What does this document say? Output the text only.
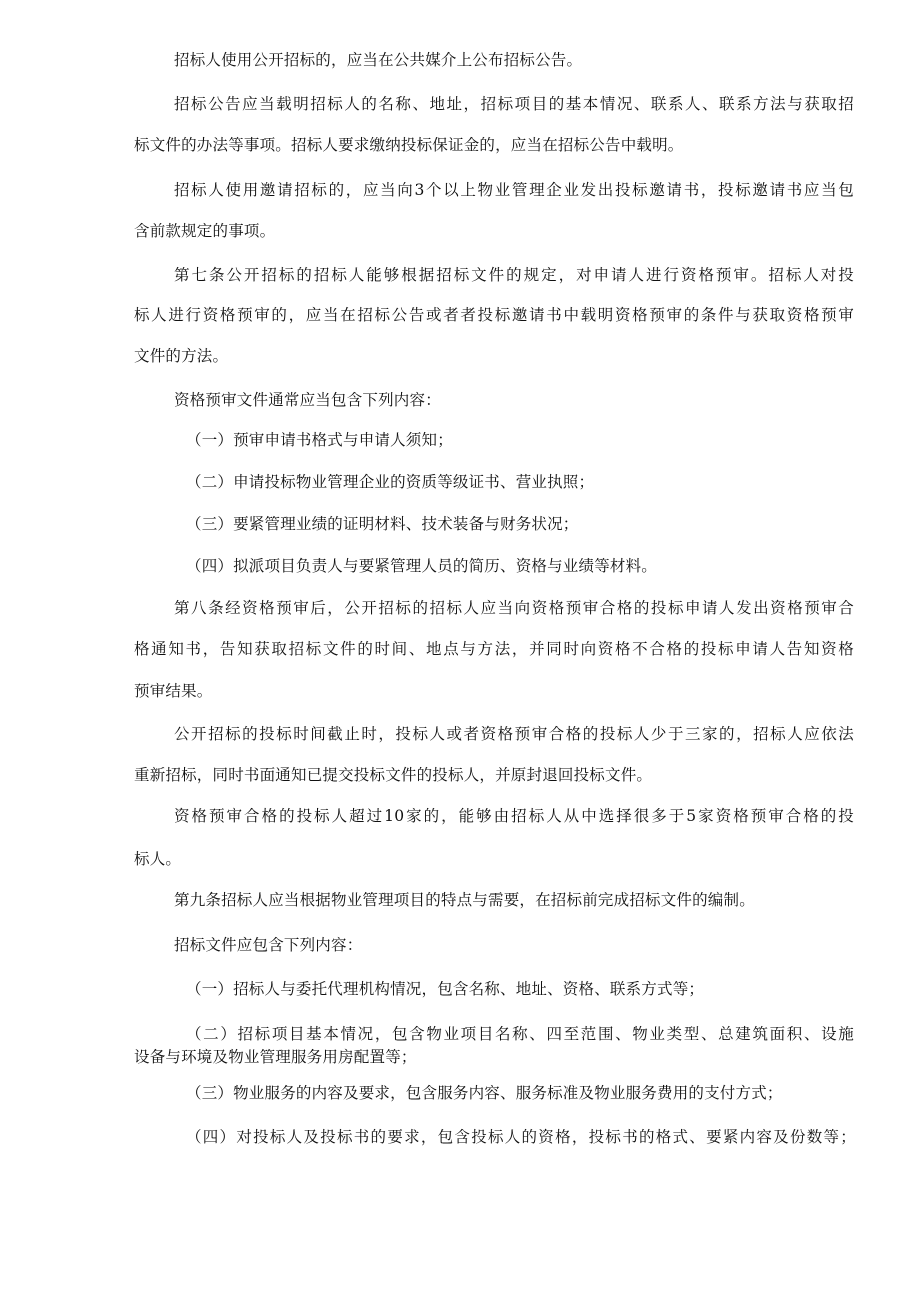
招标人使用公开招标的，应当在公共媒介上公布招标公告。
招标公告应当载明招标人的名称、地址，招标项目的基本情况、联系人、联系方法与获取招
标文件的办法等事项。招标人要求缴纳投标保证金的，应当在招标公告中载明。
招标人使用邀请招标的，应当向3个以上物业管理企业发出投标邀请书，投标邀请书应当包
含前款规定的事项。
第七条公开招标的招标人能够根据招标文件的规定，对申请人进行资格预审。招标人对投
标人进行资格预审的，应当在招标公告或者者投标邀请书中载明资格预审的条件与获取资格预审
文件的方法。
资格预审文件通常应当包含下列内容：
（一）预审申请书格式与申请人须知；
（二）申请投标物业管理企业的资质等级证书、营业执照；
（三）要紧管理业绩的证明材料、技术装备与财务状况；
（四）拟派项目负责人与要紧管理人员的简历、资格与业绩等材料。
第八条经资格预审后，公开招标的招标人应当向资格预审合格的投标申请人发出资格预审合
格通知书，告知获取招标文件的时间、地点与方法，并同时向资格不合格的投标申请人告知资格
预审结果。
公开招标的投标时间截止时，投标人或者资格预审合格的投标人少于三家的，招标人应依法
重新招标，同时书面通知已提交投标文件的投标人，并原封退回投标文件。
资格预审合格的投标人超过10家的，能够由招标人从中选择很多于5家资格预审合格的投
标人。
第九条招标人应当根据物业管理项目的特点与需要，在招标前完成招标文件的编制。
招标文件应包含下列内容：
（一）招标人与委托代理机构情况，包含名称、地址、资格、联系方式等；
（二）招标项目基本情况，包含物业项目名称、四至范围、物业类型、总建筑面积、设施
设备与环境及物业管理服务用房配置等；
（三）物业服务的内容及要求，包含服务内容、服务标准及物业服务费用的支付方式；
（四）对投标人及投标书的要求，包含投标人的资格，投标书的格式、要紧内容及份数等；
